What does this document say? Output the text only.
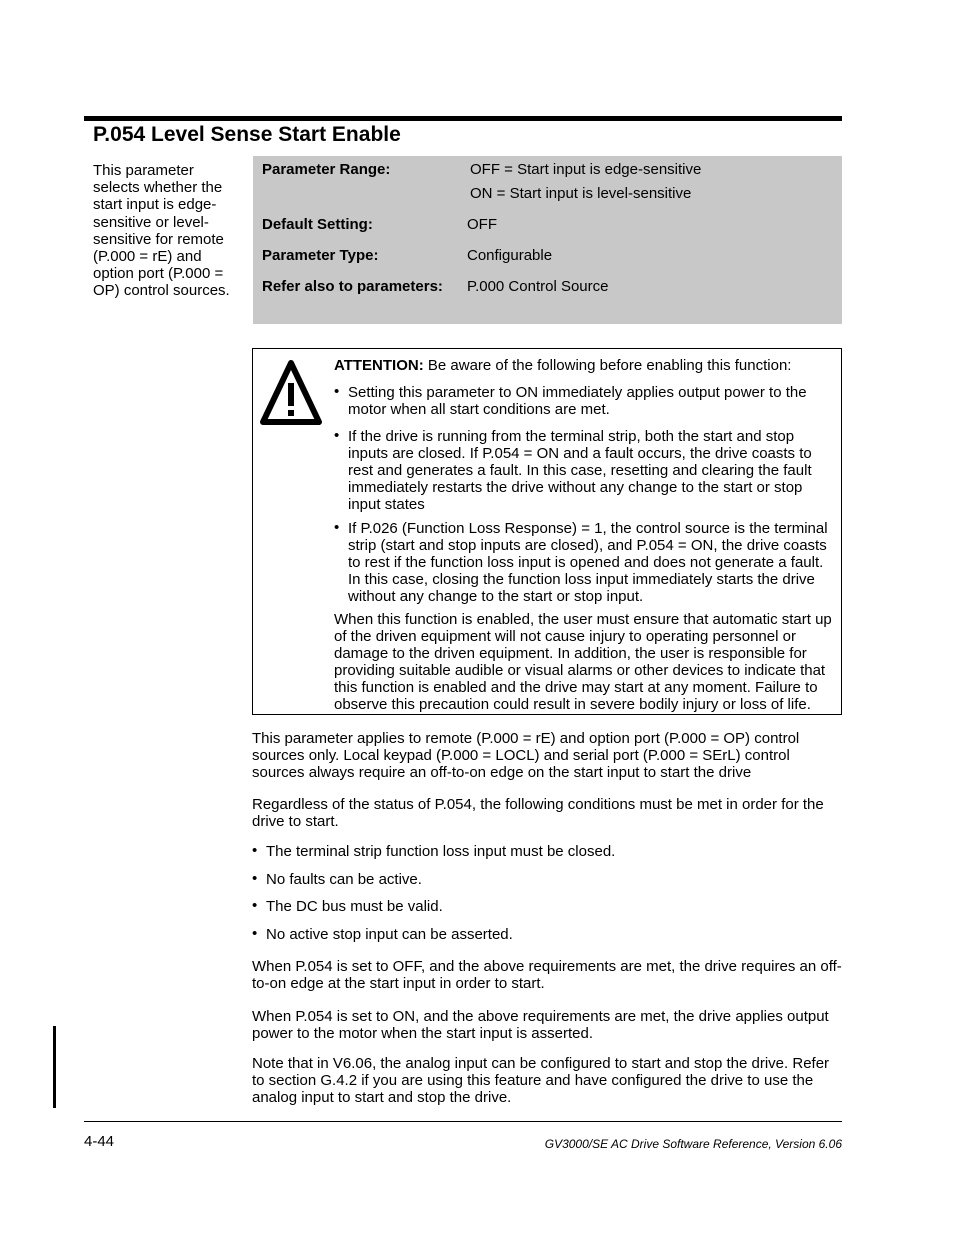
P.054 Level Sense Start Enable
This parameter selects whether the start input is edge-sensitive or level-sensitive for remote (P.000 = rE) and option port (P.000 = OP) control sources.
Parameter Range:	OFF = Start input is edge-sensitive
ON = Start input is level-sensitive
Default Setting:	OFF
Parameter Type:	Configurable
Refer also to parameters: P.000 Control Source
ATTENTION: Be aware of the following before enabling this function:
• Setting this parameter to ON immediately applies output power to the motor when all start conditions are met.
• If the drive is running from the terminal strip, both the start and stop inputs are closed. If P.054 = ON and a fault occurs, the drive coasts to rest and generates a fault. In this case, resetting and clearing the fault immediately restarts the drive without any change to the start or stop input states
• If P.026 (Function Loss Response) = 1, the control source is the terminal strip (start and stop inputs are closed), and P.054 = ON, the drive coasts to rest if the function loss input is opened and does not generate a fault. In this case, closing the function loss input immediately starts the drive without any change to the start or stop input.
When this function is enabled, the user must ensure that automatic start up of the driven equipment will not cause injury to operating personnel or damage to the driven equipment. In addition, the user is responsible for providing suitable audible or visual alarms or other devices to indicate that this function is enabled and the drive may start at any moment. Failure to observe this precaution could result in severe bodily injury or loss of life.
This parameter applies to remote (P.000 = rE) and option port (P.000 = OP) control sources only. Local keypad (P.000 = LOCL) and serial port (P.000 = SErL) control sources always require an off-to-on edge on the start input to start the drive
Regardless of the status of P.054, the following conditions must be met in order for the drive to start.
• The terminal strip function loss input must be closed.
• No faults can be active.
• The DC bus must be valid.
• No active stop input can be asserted.
When P.054 is set to OFF, and the above requirements are met, the drive requires an off-to-on edge at the start input in order to start.
When P.054 is set to ON, and the above requirements are met, the drive applies output power to the motor when the start input is asserted.
Note that in V6.06, the analog input can be configured to start and stop the drive. Refer to section G.4.2 if you are using this feature and have configured the drive to use the analog input to start and stop the drive.
4-44	GV3000/SE AC Drive Software Reference, Version 6.06
